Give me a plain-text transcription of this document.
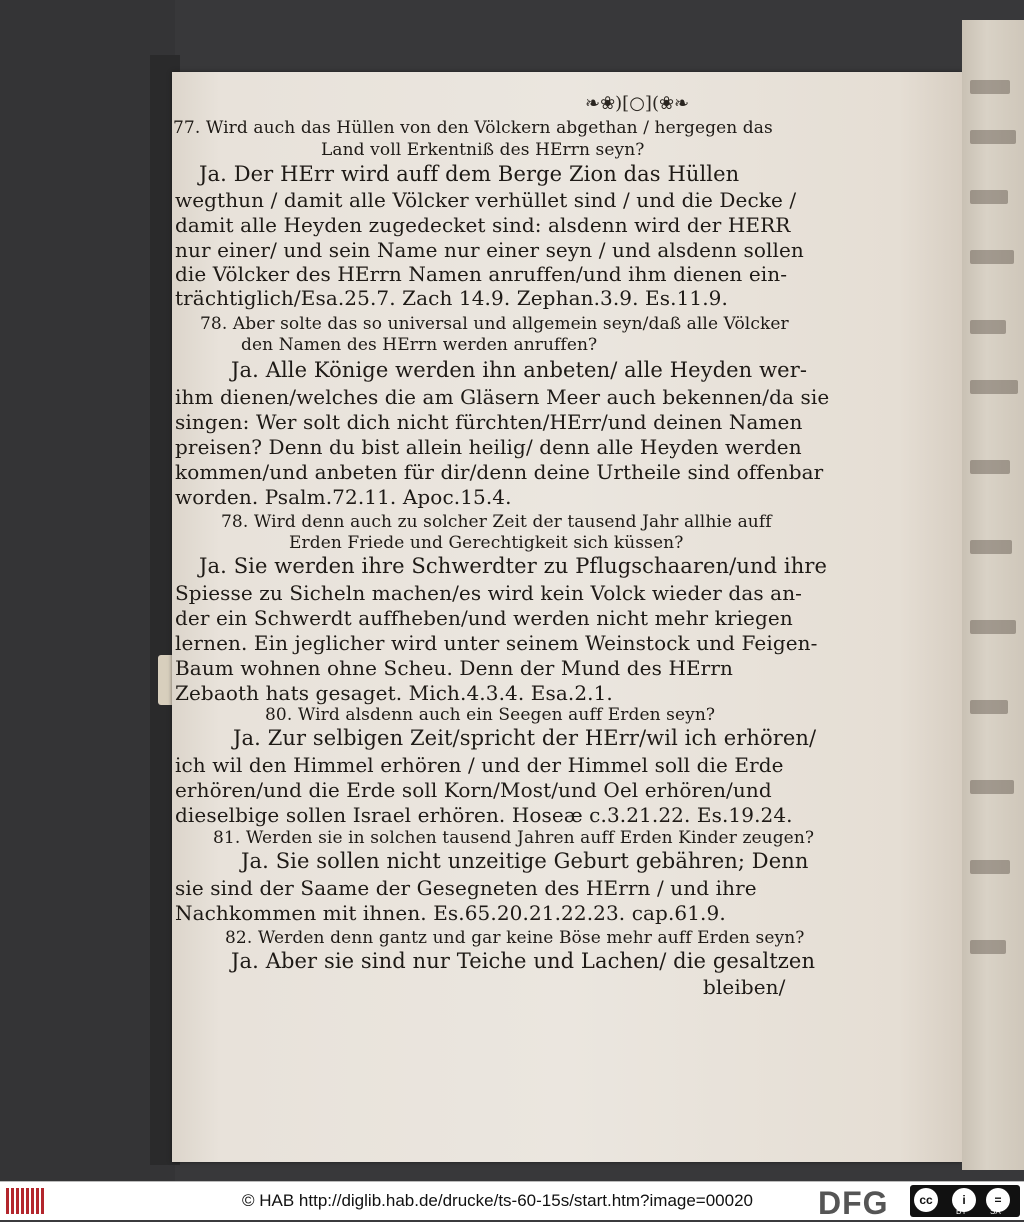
❧❀)[○](❀❧
77. Wird auch das Hüllen von den Völckern abgethan / hergegen das
Land voll Erkentniß des HErrn seyn?
Ja. Der HErr wird auff dem Berge Zion das Hüllen
wegthun / damit alle Völcker verhüllet sind / und die Decke /
damit alle Heyden zugedecket sind: alsdenn wird der HERR
nur einer/ und sein Name nur einer seyn / und alsdenn sollen
die Völcker des HErrn Namen anruffen/und ihm dienen ein-
trächtiglich/Esa.25.7. Zach 14.9. Zephan.3.9. Es.11.9.
78. Aber solte das so universal und allgemein seyn/daß alle Völcker
den Namen des HErrn werden anruffen?
Ja. Alle Könige werden ihn anbeten/ alle Heyden wer-
ihm dienen/welches die am Gläsern Meer auch bekennen/da sie
singen: Wer solt dich nicht fürchten/HErr/und deinen Namen
preisen? Denn du bist allein heilig/ denn alle Heyden werden
kommen/und anbeten für dir/denn deine Urtheile sind offenbar
worden. Psalm.72.11. Apoc.15.4.
78. Wird denn auch zu solcher Zeit der tausend Jahr allhie auff
Erden Friede und Gerechtigkeit sich küssen?
Ja. Sie werden ihre Schwerdter zu Pflugschaaren/und ihre
Spiesse zu Sicheln machen/es wird kein Volck wieder das an-
der ein Schwerdt auffheben/und werden nicht mehr kriegen
lernen. Ein jeglicher wird unter seinem Weinstock und Feigen-
Baum wohnen ohne Scheu. Denn der Mund des HErrn
Zebaoth hats gesaget. Mich.4.3.4. Esa.2.1.
80. Wird alsdenn auch ein Seegen auff Erden seyn?
Ja. Zur selbigen Zeit/spricht der HErr/wil ich erhören/
ich wil den Himmel erhören / und der Himmel soll die Erde
erhören/und die Erde soll Korn/Most/und Oel erhören/und
dieselbige sollen Israel erhören. Hoseæ c.3.21.22. Es.19.24.
81. Werden sie in solchen tausend Jahren auff Erden Kinder zeugen?
Ja. Sie sollen nicht unzeitige Geburt gebähren; Denn
sie sind der Saame der Gesegneten des HErrn / und ihre
Nachkommen mit ihnen. Es.65.20.21.22.23. cap.61.9.
82. Werden denn gantz und gar keine Böse mehr auff Erden seyn?
Ja. Aber sie sind nur Teiche und Lachen/ die gesaltzen
bleiben/
© HAB http://diglib.hab.de/drucke/ts-60-15s/start.htm?image=00020 DFG	cc	i	=
BY	SA
